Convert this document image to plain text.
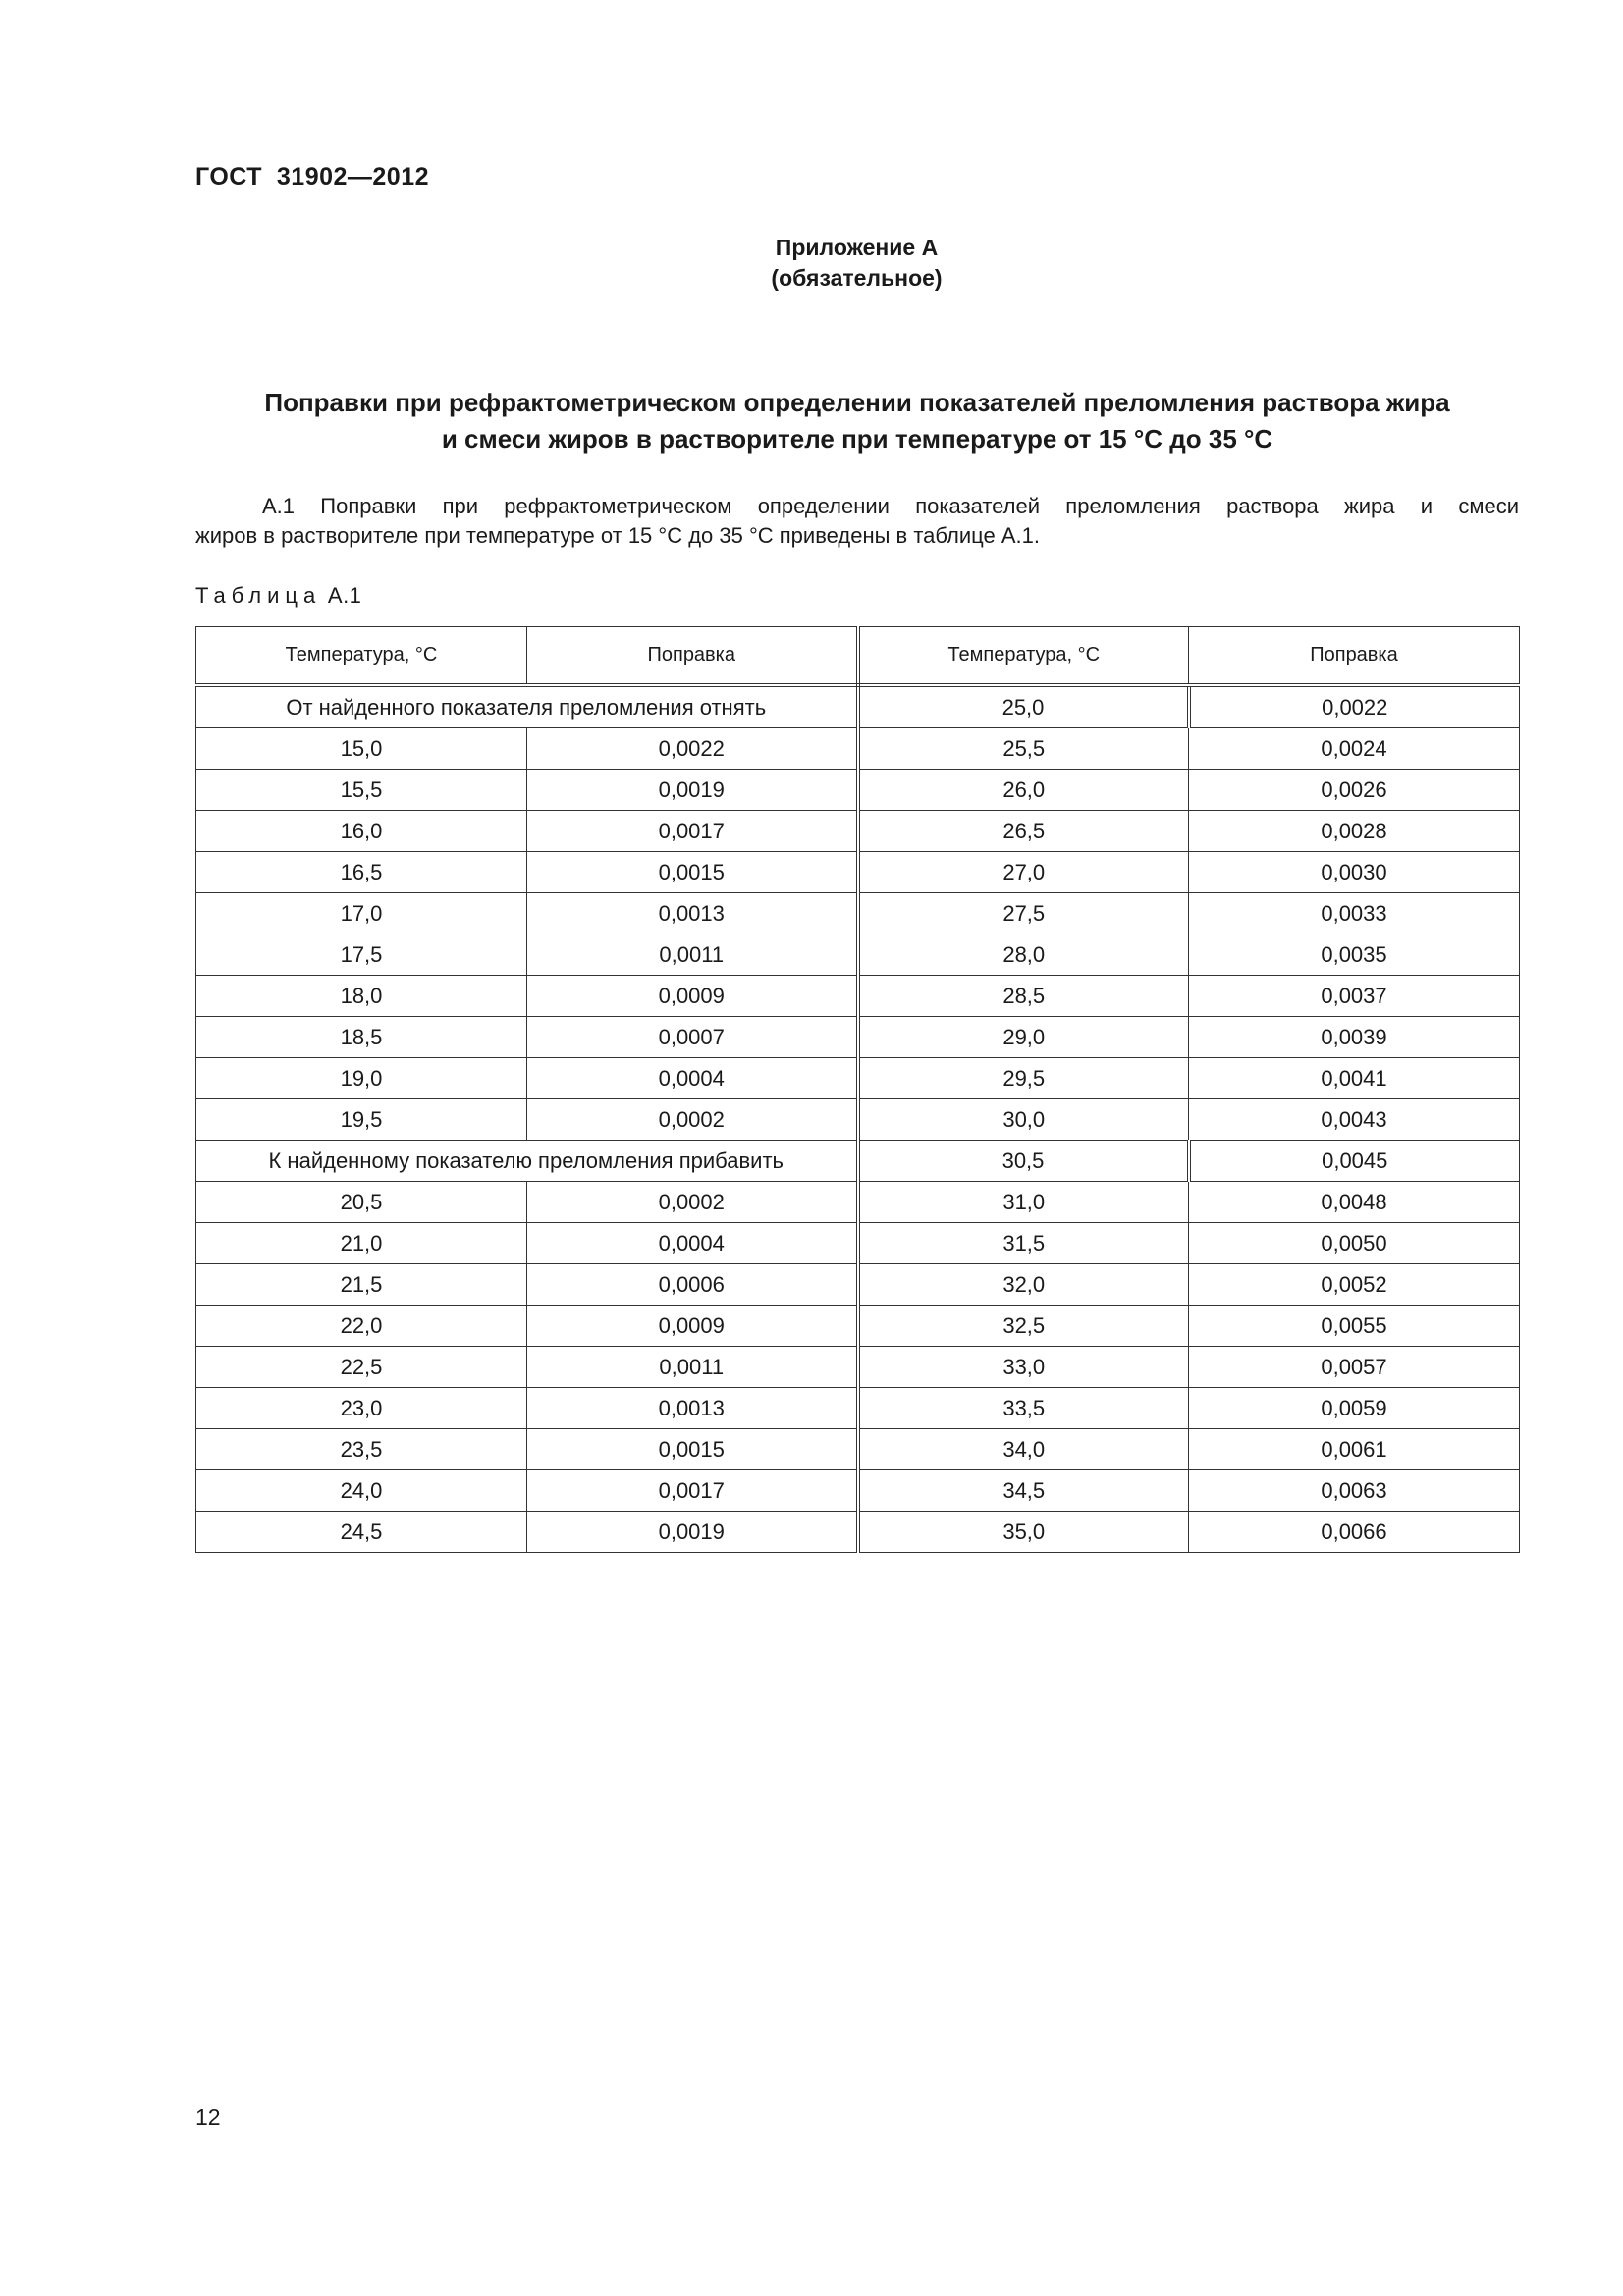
ГОСТ  31902—2012
Приложение А
(обязательное)
Поправки при рефрактометрическом определении показателей преломления раствора жира
и смеси жиров в растворителе при температуре от 15 °С до 35 °С
А.1 Поправки при рефрактометрическом определении показателей преломления раствора жира и смеси
жиров в растворителе при температуре от 15 °С до 35 °С приведены в таблице А.1.
Таблица А.1
Температура, °С	Поправка	Температура, °С	Поправка
От найденного показателя преломления отнять		25,0	0,0022
15,0	0,0022	25,5	0,0024
15,5	0,0019	26,0	0,0026
16,0	0,0017	26,5	0,0028
16,5	0,0015	27,0	0,0030
17,0	0,0013	27,5	0,0033
17,5	0,0011	28,0	0,0035
18,0	0,0009	28,5	0,0037
18,5	0,0007	29,0	0,0039
19,0	0,0004	29,5	0,0041
19,5	0,0002	30,0	0,0043
К найденному показателю преломления прибавить		30,5	0,0045
20,5	0,0002	31,0	0,0048
21,0	0,0004	31,5	0,0050
21,5	0,0006	32,0	0,0052
22,0	0,0009	32,5	0,0055
22,5	0,0011	33,0	0,0057
23,0	0,0013	33,5	0,0059
23,5	0,0015	34,0	0,0061
24,0	0,0017	34,5	0,0063
24,5	0,0019	35,0	0,0066
12
